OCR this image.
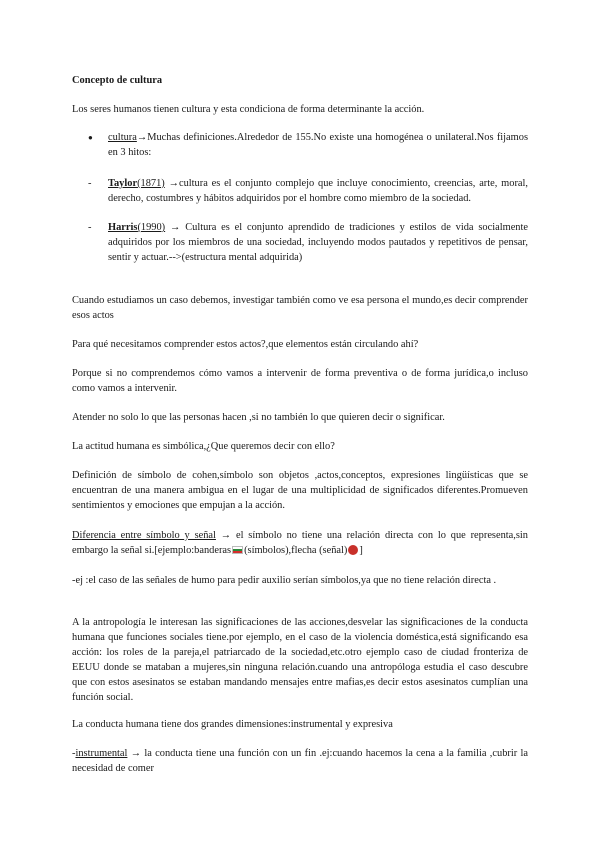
Concepto de cultura

Los seres humanos tienen cultura y esta condiciona de forma determinante la acción.

●	cultura→Muchas definiciones.Alrededor de 155.No existe una homogénea o unilateral.Nos fijamos en 3 hitos:

-	Taylor(1871) →cultura es el conjunto complejo que incluye conocimiento, creencias, arte, moral, derecho, costumbres y hábitos adquiridos por el hombre como miembro de la sociedad.

-	Harris(1990) → Cultura es el conjunto aprendido de tradiciones y estilos de vida socialmente adquiridos por los miembros de una sociedad, incluyendo modos pautados y repetitivos de pensar, sentir y actuar.-->(estructura mental adquirida)

Cuando estudiamos un caso debemos, investigar también como ve esa persona el mundo,es decir comprender esos actos

Para qué necesitamos comprender estos actos?,que elementos están circulando ahí?

Porque si no comprendemos cómo vamos a intervenir de forma preventiva o de forma jurídica,o incluso como vamos a intervenir.

Atender no solo lo que las personas hacen ,si no también lo que quieren decir o significar.

La actitud humana es simbólica,¿Que queremos decir con ello?

Definición de símbolo de cohen,símbolo son objetos ,actos,conceptos, expresiones lingüísticas que se encuentran de una manera ambigua en el lugar de una multiplicidad de significados diferentes.Promueven sentimientos y emociones que empujan a la acción.

Diferencia entre símbolo y señal → el símbolo no tiene una relación directa con lo que representa,sin embargo la señal si.[ejemplo:banderas (símbolos),flecha (señal) ]

-ej :el caso de las señales de humo para pedir auxilio serían símbolos,ya que no tiene relación directa .

A la antropología le interesan las significaciones de las acciones,desvelar las significaciones de la conducta humana que funciones sociales tiene.por ejemplo, en el caso de la violencia doméstica,está significando esa acción: los roles de la pareja,el patriarcado de la sociedad,etc.otro ejemplo caso de ciudad fronteriza de EEUU donde se mataban a mujeres,sin ninguna relación.cuando una antropóloga estudia el caso descubre que con estos asesinatos se estaban mandando mensajes entre mafias,es decir estos asesinatos cumplían una función social.

La conducta humana tiene dos grandes dimensiones:instrumental y expresiva

-instrumental → la conducta tiene una función con un fin .ej:cuando hacemos la cena a la familia ,cubrir la necesidad de comer
